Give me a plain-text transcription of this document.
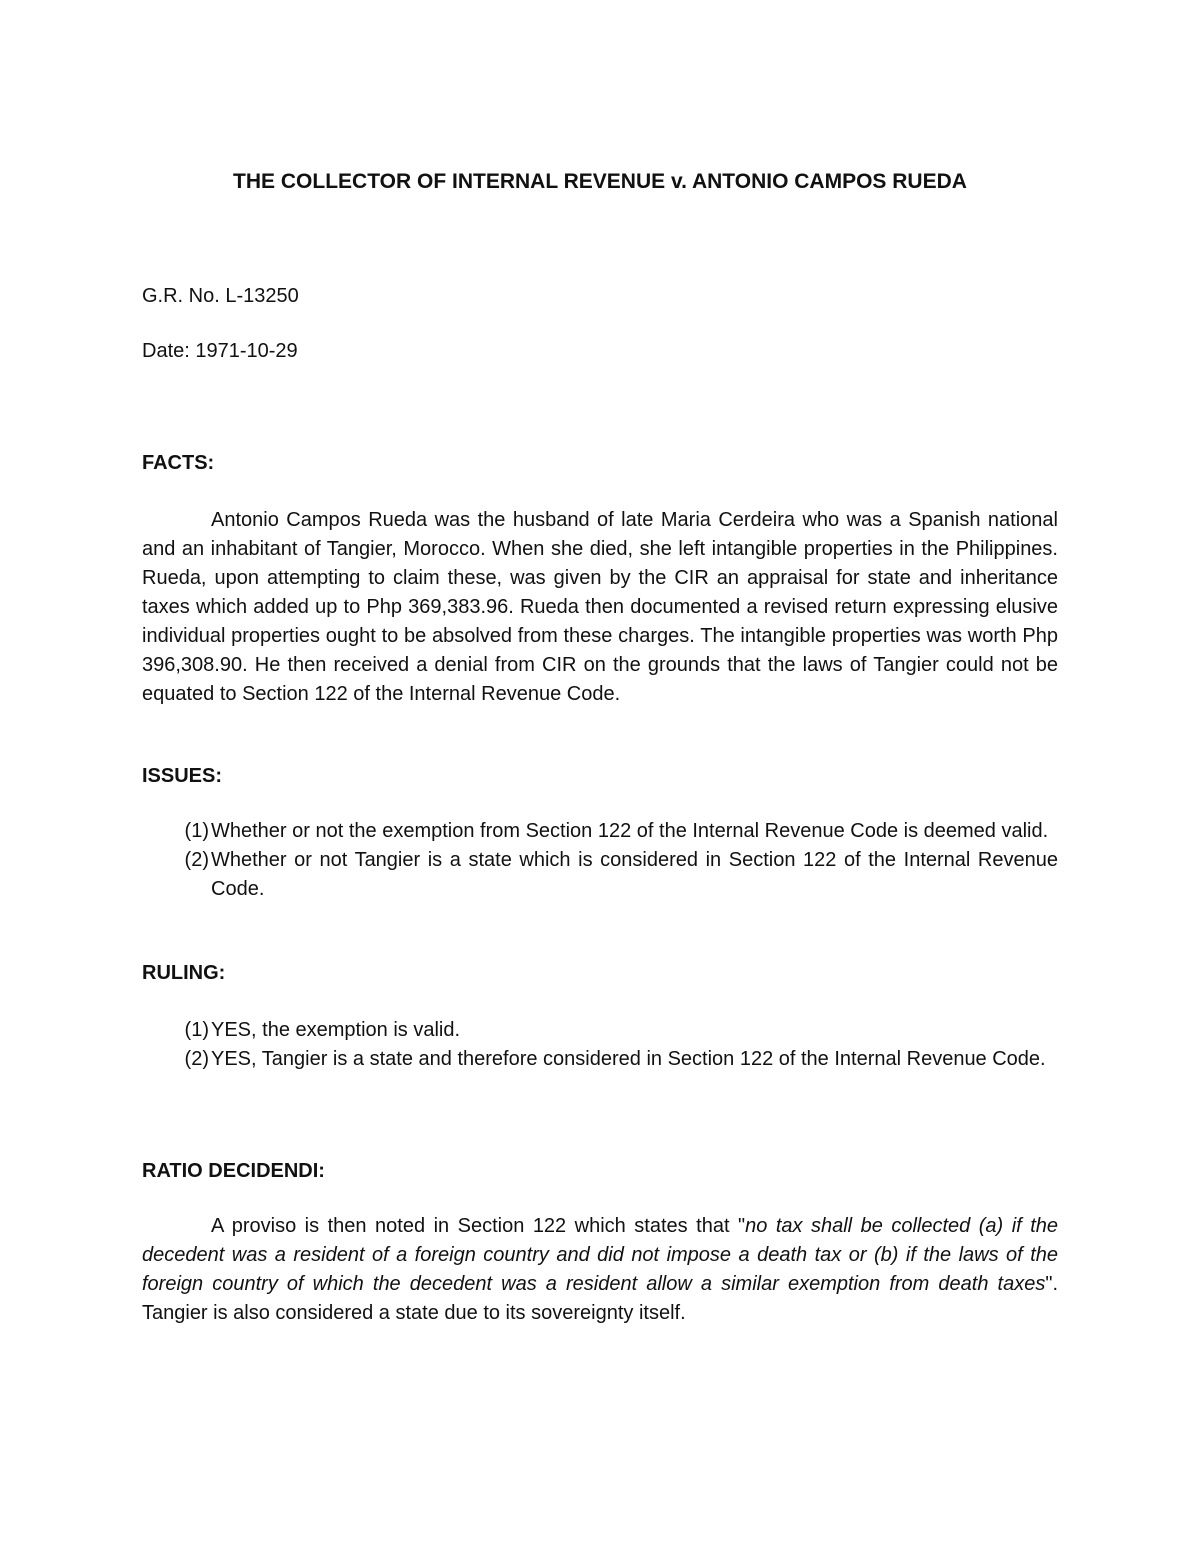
THE COLLECTOR OF INTERNAL REVENUE v. ANTONIO CAMPOS RUEDA

G.R. No. L-13250

Date: 1971-10-29

FACTS:

Antonio Campos Rueda was the husband of late Maria Cerdeira who was a Spanish national and an inhabitant of Tangier, Morocco. When she died, she left intangible properties in the Philippines. Rueda, upon attempting to claim these, was given by the CIR an appraisal for state and inheritance taxes which added up to Php 369,383.96. Rueda then documented a revised return expressing elusive individual properties ought to be absolved from these charges. The intangible properties was worth Php 396,308.90. He then received a denial from CIR on the grounds that the laws of Tangier could not be equated to Section 122 of the Internal Revenue Code.

ISSUES:

(1) Whether or not the exemption from Section 122 of the Internal Revenue Code is deemed valid.
(2) Whether or not Tangier is a state which is considered in Section 122 of the Internal Revenue Code.

RULING:

(1) YES, the exemption is valid.
(2) YES, Tangier is a state and therefore considered in Section 122 of the Internal Revenue Code.

RATIO DECIDENDI:

A proviso is then noted in Section 122 which states that "no tax shall be collected (a) if the decedent was a resident of a foreign country and did not impose a death tax or (b) if the laws of the foreign country of which the decedent was a resident allow a similar exemption from death taxes". Tangier is also considered a state due to its sovereignty itself.
